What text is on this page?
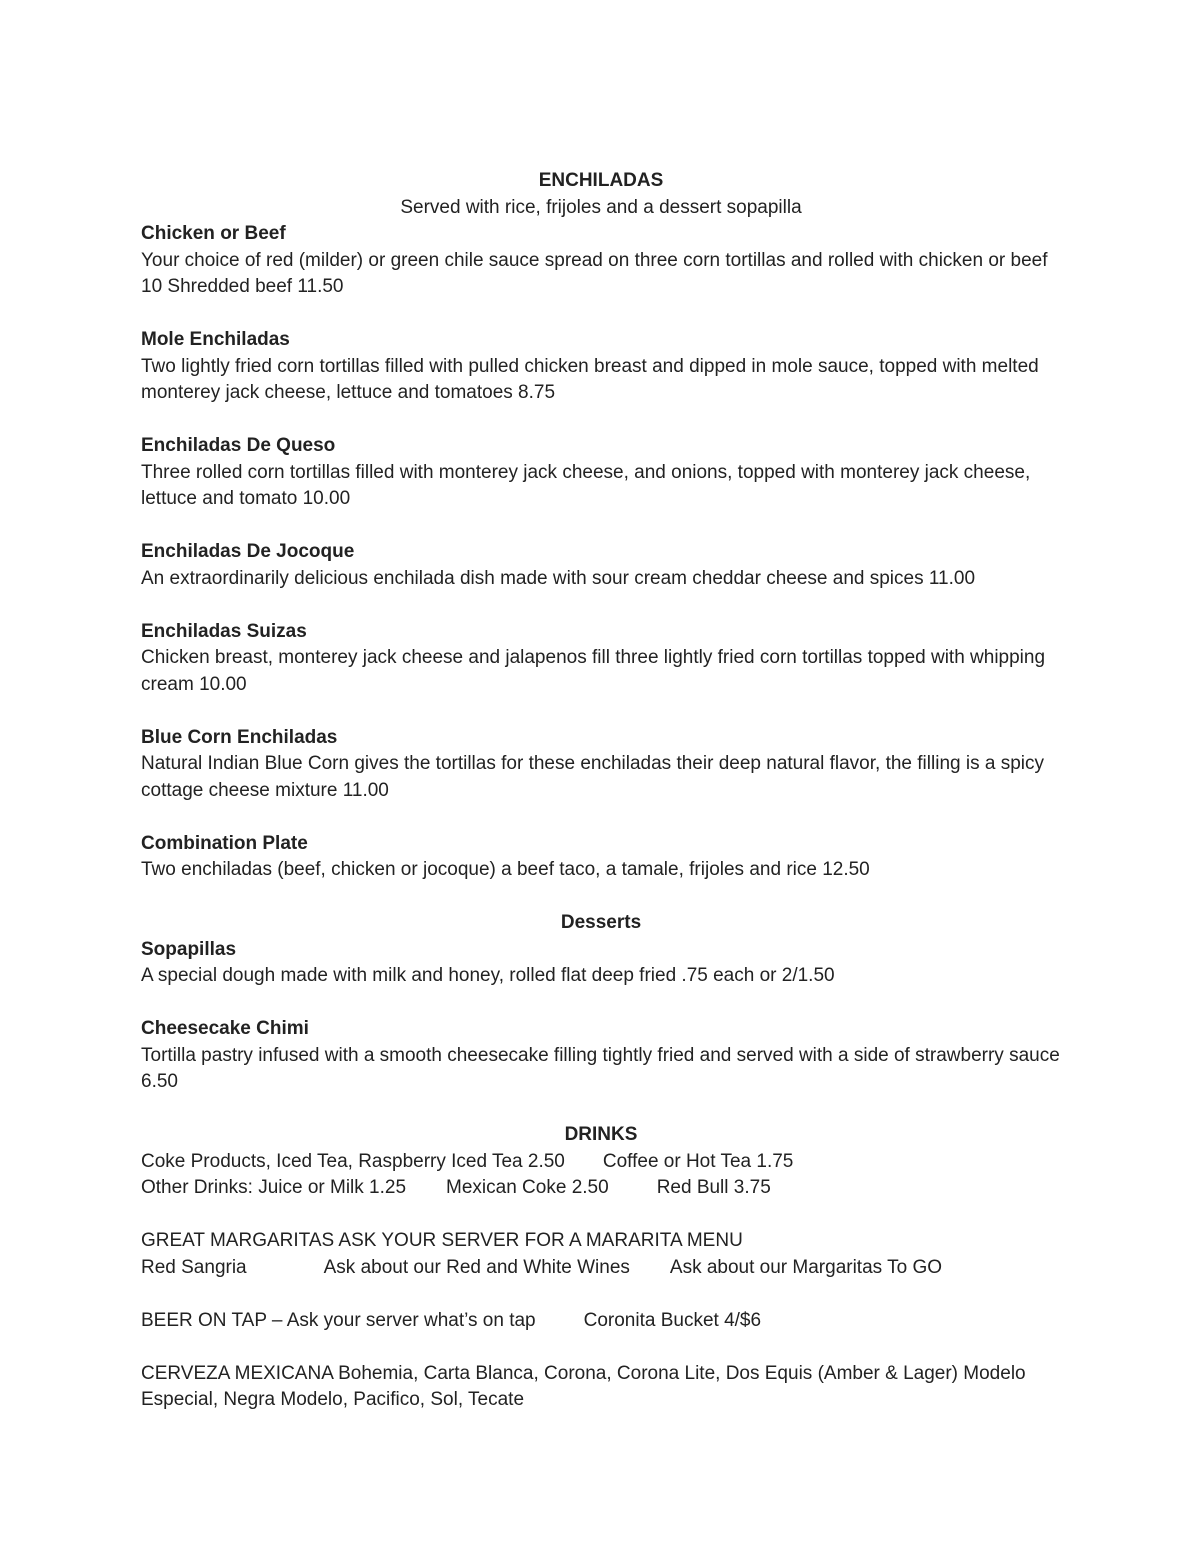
ENCHILADAS
Served with rice, frijoles and a dessert sopapilla
Chicken or Beef
Your choice of red (milder) or green chile sauce spread on three corn tortillas and rolled with chicken or beef 10 Shredded beef 11.50
Mole Enchiladas
Two lightly fried corn tortillas filled with pulled chicken breast and dipped in mole sauce, topped with melted monterey jack cheese, lettuce and tomatoes 8.75
Enchiladas De Queso
Three rolled corn tortillas filled with monterey jack cheese, and onions, topped with monterey jack cheese, lettuce and tomato 10.00
Enchiladas De Jocoque
An extraordinarily delicious enchilada dish made with sour cream cheddar cheese and spices 11.00
Enchiladas Suizas
Chicken breast, monterey jack cheese and jalapenos fill three lightly fried corn tortillas topped with whipping cream 10.00
Blue Corn Enchiladas
Natural Indian Blue Corn gives the tortillas for these enchiladas their deep natural flavor, the filling is a spicy cottage cheese mixture 11.00
Combination Plate
Two enchiladas (beef, chicken or jocoque) a beef taco, a tamale, frijoles and rice 12.50
Desserts
Sopapillas
A special dough made with milk and honey, rolled flat deep fried .75 each or 2/1.50
Cheesecake Chimi
Tortilla pastry infused with a smooth cheesecake filling tightly fried and served with a side of strawberry sauce 6.50
DRINKS
Coke Products, Iced Tea, Raspberry Iced Tea 2.50 Coffee or Hot Tea 1.75
Other Drinks: Juice or Milk 1.25 Mexican Coke 2.50	Red Bull 3.75
GREAT MARGARITAS ASK YOUR SERVER FOR A MARARITA MENU
Red Sangria	Ask about our Red and White Wines Ask about our Margaritas To GO
BEER ON TAP – Ask your server what’s on tap	Coronita Bucket 4/$6
CERVEZA MEXICANA Bohemia, Carta Blanca, Corona, Corona Lite, Dos Equis (Amber & Lager) Modelo Especial, Negra Modelo, Pacifico, Sol, Tecate
